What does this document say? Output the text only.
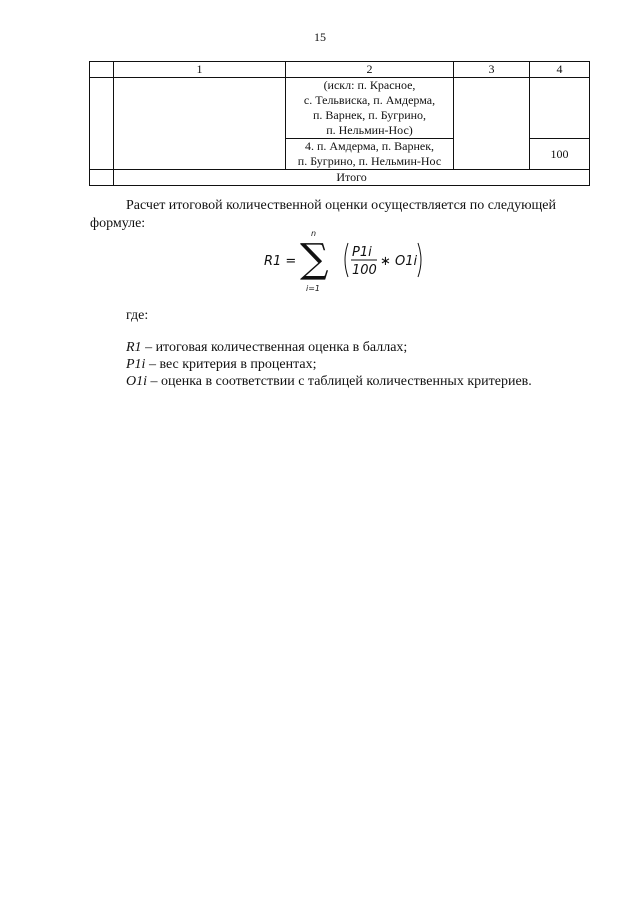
15
	1	2	3	4

		(искл: п. Красное,
с. Тельвиска, п. Амдерма,
п. Варнек, п. Бугрино,
п. Нельмин-Нос)		

		4. п. Амдерма, п. Варнек,
п. Бугрино, п. Нельмин-Нос		100
	Итого			
Расчет итоговой количественной оценки осуществляется по следующей
формуле:
R1 = ∑
n
i=1
P1i
100
∗ O1i
где:
R1 – итоговая количественная оценка в баллах;
P1i – вес критерия в процентах;
O1i – оценка в соответствии с таблицей количественных критериев.
